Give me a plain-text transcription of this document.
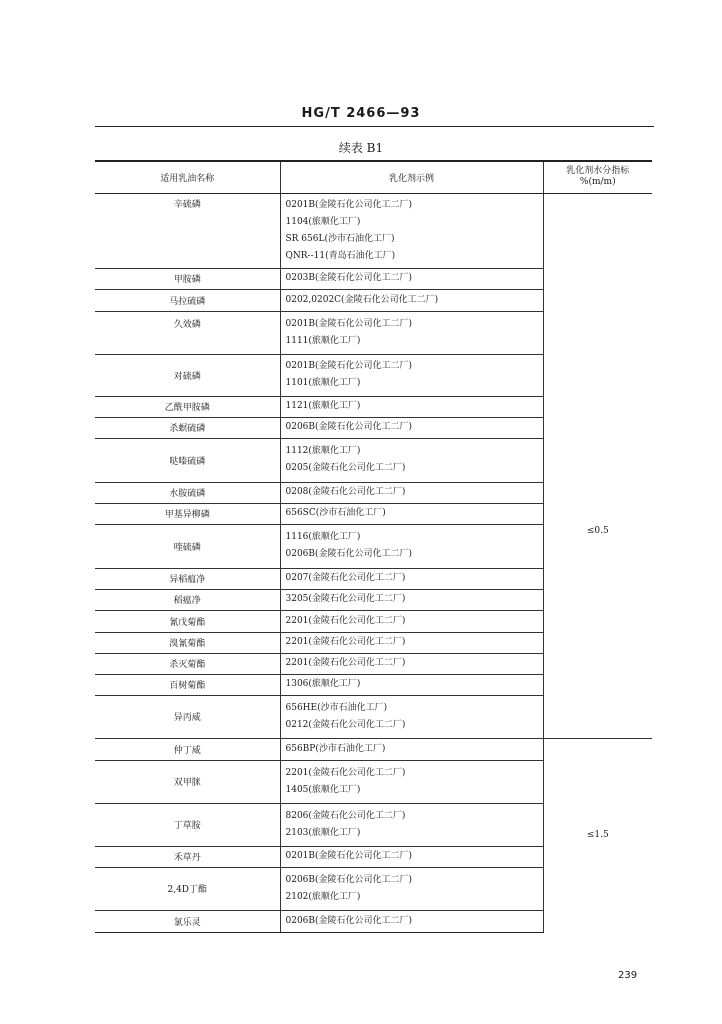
HG/T 2466—93
续表 B1
适用乳油名称	乳化剂示例	乳化剂水分指标
%(m/m)
辛硫磷	0201B(金陵石化公司化工二厂)
1104(旅顺化工厂)
SR 656L(沙市石油化工厂)
QNR--11(青岛石油化工厂)	≤0.5
甲胺磷	0203B(金陵石化公司化工二厂)	

马拉硫磷	0202,0202C(金陵石化公司化工二厂)	

久效磷	0201B(金陵石化公司化工二厂)
1111(旅顺化工厂)	

对硫磷	0201B(金陵石化公司化工二厂)
1101(旅顺化工厂)	

乙酰甲胺磷	1121(旅顺化工厂)	

杀螟硫磷	0206B(金陵石化公司化工二厂)	

哒嗪硫磷	1112(旅顺化工厂)
0205(金陵石化公司化工二厂)	

水胺硫磷	0208(金陵石化公司化工二厂)	

甲基异柳磷	656SC(沙市石油化工厂)	

喹硫磷	1116(旅顺化工厂)
0206B(金陵石化公司化工二厂)	

异稻瘟净	0207(金陵石化公司化工二厂)	

稻瘟净	3205(金陵石化公司化工二厂)	

氰戊菊酯	2201(金陵石化公司化工二厂)	

溴氰菊酯	2201(金陵石化公司化工二厂)	

杀灭菊酯	2201(金陵石化公司化工二厂)	

百树菊酯	1306(旅顺化工厂)	

异丙威	656HE(沙市石油化工厂)
0212(金陵石化公司化工二厂)	

仲丁威	656BP(沙市石油化工厂)	≤1.5
双甲脒	2201(金陵石化公司化工二厂)
1405(旅顺化工厂)	

丁草胺	8206(金陵石化公司化工二厂)
2103(旅顺化工厂)	

禾草丹	0201B(金陵石化公司化工二厂)	

2,4D丁酯	0206B(金陵石化公司化工二厂)
2102(旅顺化工厂)	

氯乐灵	0206B(金陵石化公司化工二厂)	
239
